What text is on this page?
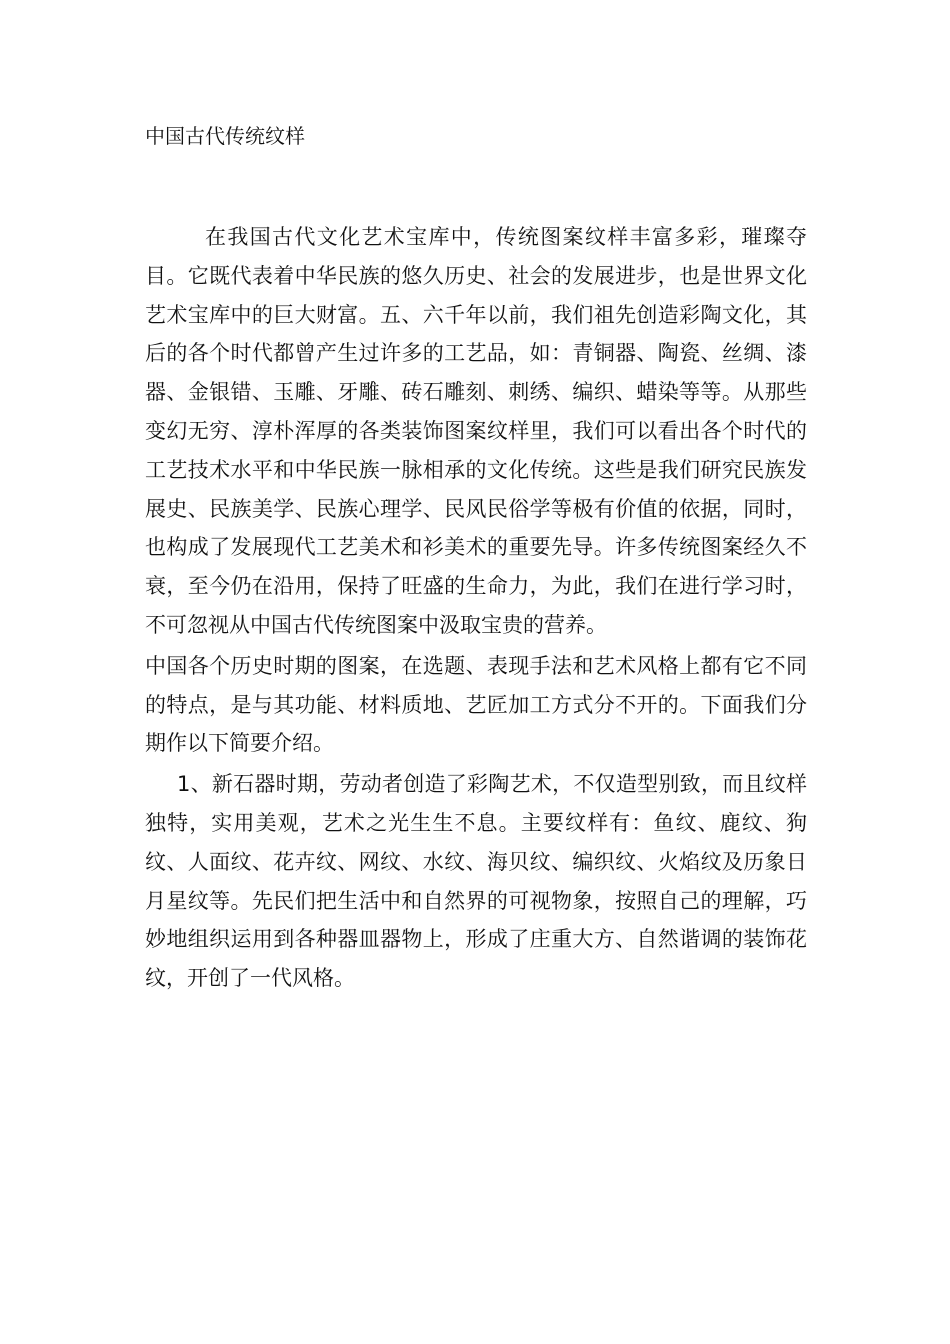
中国古代传统纹样

在我国古代文化艺术宝库中，传统图案纹样丰富多彩，璀璨夺目。它既代表着中华民族的悠久历史、社会的发展进步，也是世界文化艺术宝库中的巨大财富。五、六千年以前，我们祖先创造彩陶文化，其后的各个时代都曾产生过许多的工艺品，如：青铜器、陶瓷、丝绸、漆器、金银错、玉雕、牙雕、砖石雕刻、刺绣、编织、蜡染等等。从那些变幻无穷、淳朴浑厚的各类装饰图案纹样里，我们可以看出各个时代的工艺技术水平和中华民族一脉相承的文化传统。这些是我们研究民族发展史、民族美学、民族心理学、民风民俗学等极有价值的依据，同时，也构成了发展现代工艺美术和衫美术的重要先导。许多传统图案经久不衰，至今仍在沿用，保持了旺盛的生命力，为此，我们在进行学习时，不可忽视从中国古代传统图案中汲取宝贵的营养。

中国各个历史时期的图案，在选题、表现手法和艺术风格上都有它不同的特点，是与其功能、材料质地、艺匠加工方式分不开的。下面我们分期作以下简要介绍。

1、新石器时期，劳动者创造了彩陶艺术，不仅造型别致，而且纹样独特，实用美观，艺术之光生生不息。主要纹样有：鱼纹、鹿纹、狗纹、人面纹、花卉纹、网纹、水纹、海贝纹、编织纹、火焰纹及历象日月星纹等。先民们把生活中和自然界的可视物象，按照自己的理解，巧妙地组织运用到各种器皿器物上，形成了庄重大方、自然谐调的装饰花纹，开创了一代风格。
